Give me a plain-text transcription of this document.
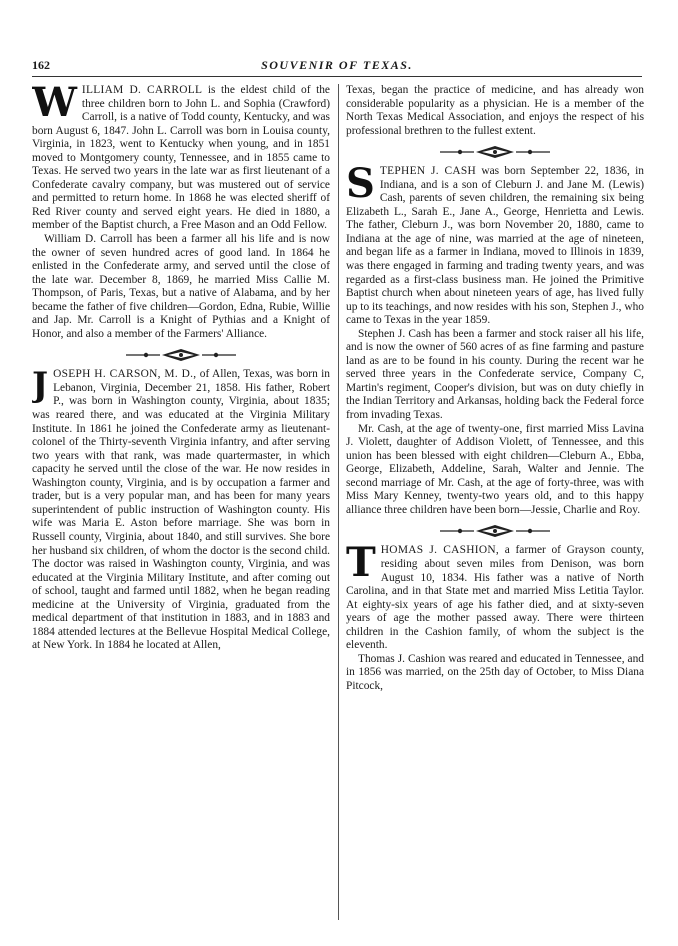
162	SOUVENIR OF TEXAS.

WILLIAM D. CARROLL is the eldest child of the three children born to John L. and Sophia (Crawford) Carroll, is a native of Todd county, Kentucky, and was born August 6, 1847. John L. Carroll was born in Louisa county, Virginia, in 1823, went to Kentucky when young, and in 1851 moved to Montgomery county, Tennessee, and in 1855 came to Texas. He served two years in the late war as first lieutenant of a Confederate cavalry company, but was mustered out of service and permitted to return home. In 1868 he was elected sheriff of Red River county and served eight years. He died in 1880, a member of the Baptist church, a Free Mason and an Odd Fellow.

William D. Carroll has been a farmer all his life and is now the owner of seven hundred acres of good land. In 1864 he enlisted in the Confederate army, and served until the close of the late war. December 8, 1869, he married Miss Callie M. Thompson, of Paris, Texas, but a native of Alabama, and by her became the father of five children—Gordon, Edna, Rubie, Willie and Jap. Mr. Carroll is a Knight of Pythias and a Knight of Honor, and also a member of the Farmers' Alliance.

JOSEPH H. CARSON, M. D., of Allen, Texas, was born in Lebanon, Virginia, December 21, 1858. His father, Robert P., was born in Washington county, Virginia, about 1835; was reared there, and was educated at the Virginia Military Institute. In 1861 he joined the Confederate army as lieutenant-colonel of the Thirty-seventh Virginia infantry, and after serving two years with that rank, was made quartermaster, in which capacity he served until the close of the war. He now resides in Washington county, Virginia, and is by occupation a farmer and trader, but is a very popular man, and has been for many years superintendent of public instruction of Washington county. His wife was Maria E. Aston before marriage. She was born in Russell county, Virginia, about 1840, and still survives. She bore her husband six children, of whom the doctor is the second child. The doctor was raised in Washington county, Virginia, and was educated at the Virginia Military Institute, and after coming out of school, taught and farmed until 1882, when he began reading medicine at the University of Virginia, graduated from the medical department of that institution in 1883, and in 1883 and 1884 attended lectures at the Bellevue Hospital Medical College, at New York. In 1884 he located at Allen,

Texas, began the practice of medicine, and has already won considerable popularity as a physician. He is a member of the North Texas Medical Association, and enjoys the respect of his professional brethren to the fullest extent.

STEPHEN J. CASH was born September 22, 1836, in Indiana, and is a son of Cleburn J. and Jane M. (Lewis) Cash, parents of seven children, the remaining six being Elizabeth L., Sarah E., Jane A., George, Henrietta and Lewis. The father, Cleburn J., was born November 20, 1880, came to Indiana at the age of nine, was married at the age of nineteen, and began life as a farmer in Indiana, moved to Illinois in 1839, was there engaged in farming and trading twenty years, and was regarded as a first-class business man. He joined the Primitive Baptist church when about nineteen years of age, has lived fully up to its teachings, and now resides with his son, Stephen J., who came to Texas in the year 1859.

Stephen J. Cash has been a farmer and stock raiser all his life, and is now the owner of 560 acres of as fine farming and pasture land as are to be found in his county. During the recent war he served three years in the Confederate service, Company C, Martin's regiment, Cooper's division, but was on duty chiefly in the Indian Territory and Arkansas, holding back the Federal force from invading Texas.

Mr. Cash, at the age of twenty-one, first married Miss Lavina J. Violett, daughter of Addison Violett, of Tennessee, and this union has been blessed with eight children—Cleburn A., Ebba, George, Elizabeth, Addeline, Sarah, Walter and Jennie. The second marriage of Mr. Cash, at the age of forty-three, was with Miss Mary Kenney, twenty-two years old, and to this happy alliance three children have been born—Jessie, Charlie and Roy.

THOMAS J. CASHION, a farmer of Grayson county, residing about seven miles from Denison, was born August 10, 1834. His father was a native of North Carolina, and in that State met and married Miss Letitia Taylor. At eighty-six years of age his father died, and at sixty-seven years of age the mother passed away. There were thirteen children in the Cashion family, of whom the subject is the eleventh.

Thomas J. Cashion was reared and educated in Tennessee, and in 1856 was married, on the 25th day of October, to Miss Diana Pitcock,
